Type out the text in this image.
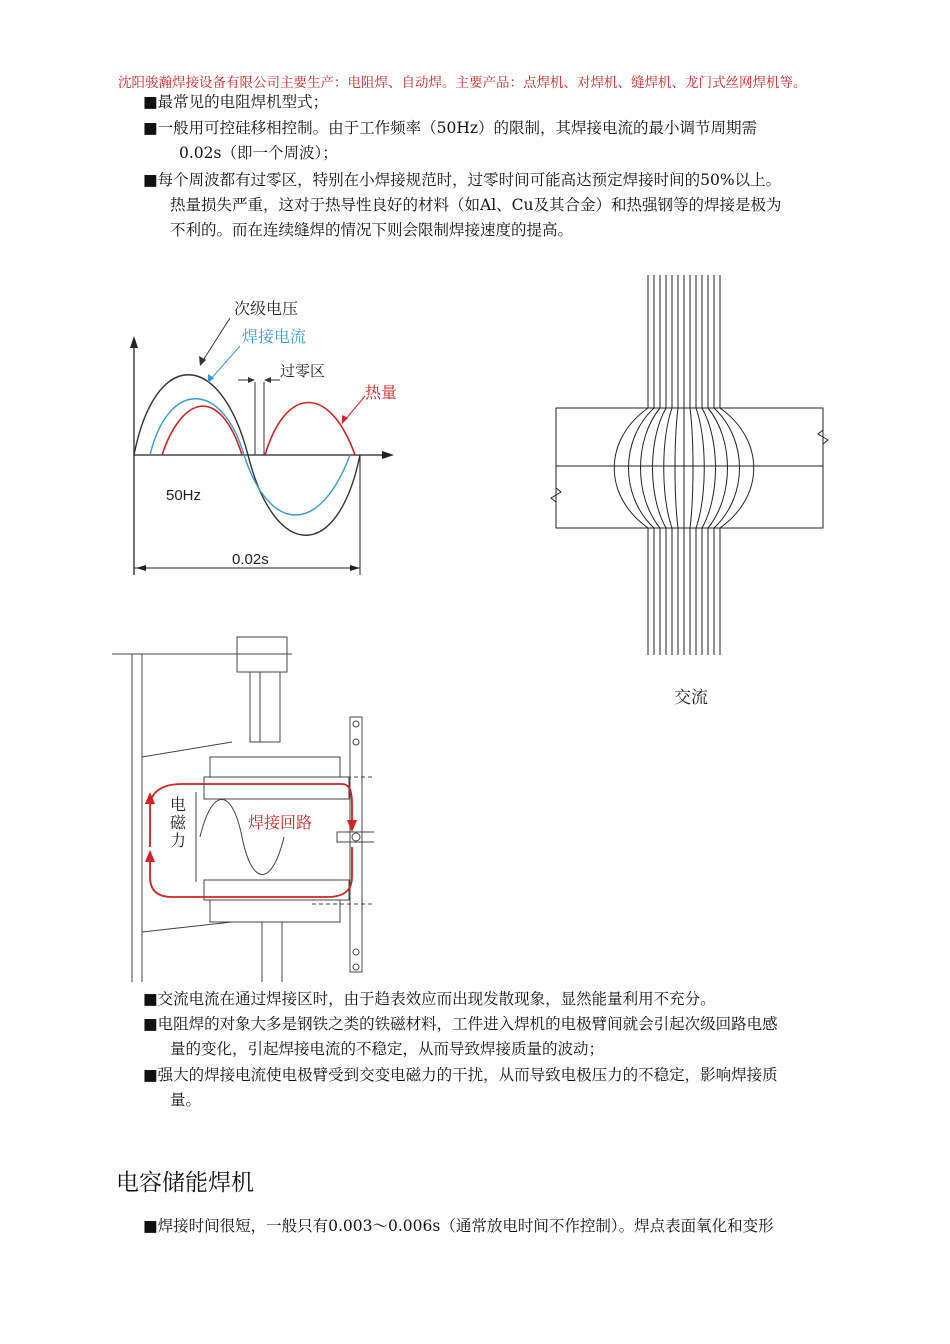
沈阳骏瀚焊接设备有限公司主要生产：电阻焊、自动焊。主要产品：点焊机、对焊机、缝焊机、龙门式丝网焊机等。
■最常见的电阻焊机型式；
■一般用可控硅移相控制。由于工作频率（50Hz）的限制，其焊接电流的最小调节周期需
0.02s（即一个周波）；
■每个周波都有过零区，特别在小焊接规范时，过零时间可能高达预定焊接时间的50%以上。
热量损失严重，这对于热导性良好的材料（如Al、Cu及其合金）和热强钢等的焊接是极为
不利的。而在连续缝焊的情况下则会限制焊接速度的提高。
次级电压
焊接电流
过零区
热量
50Hz
0.02s
交流
电
磁
力
焊接回路
■交流电流在通过焊接区时，由于趋表效应而出现发散现象，显然能量利用不充分。
■电阻焊的对象大多是钢铁之类的铁磁材料，工件进入焊机的电极臂间就会引起次级回路电感
量的变化，引起焊接电流的不稳定，从而导致焊接质量的波动；
■强大的焊接电流使电极臂受到交变电磁力的干扰，从而导致电极压力的不稳定，影响焊接质
量。
电容储能焊机
■焊接时间很短，一般只有0.003～0.006s（通常放电时间不作控制）。焊点表面氧化和变形
